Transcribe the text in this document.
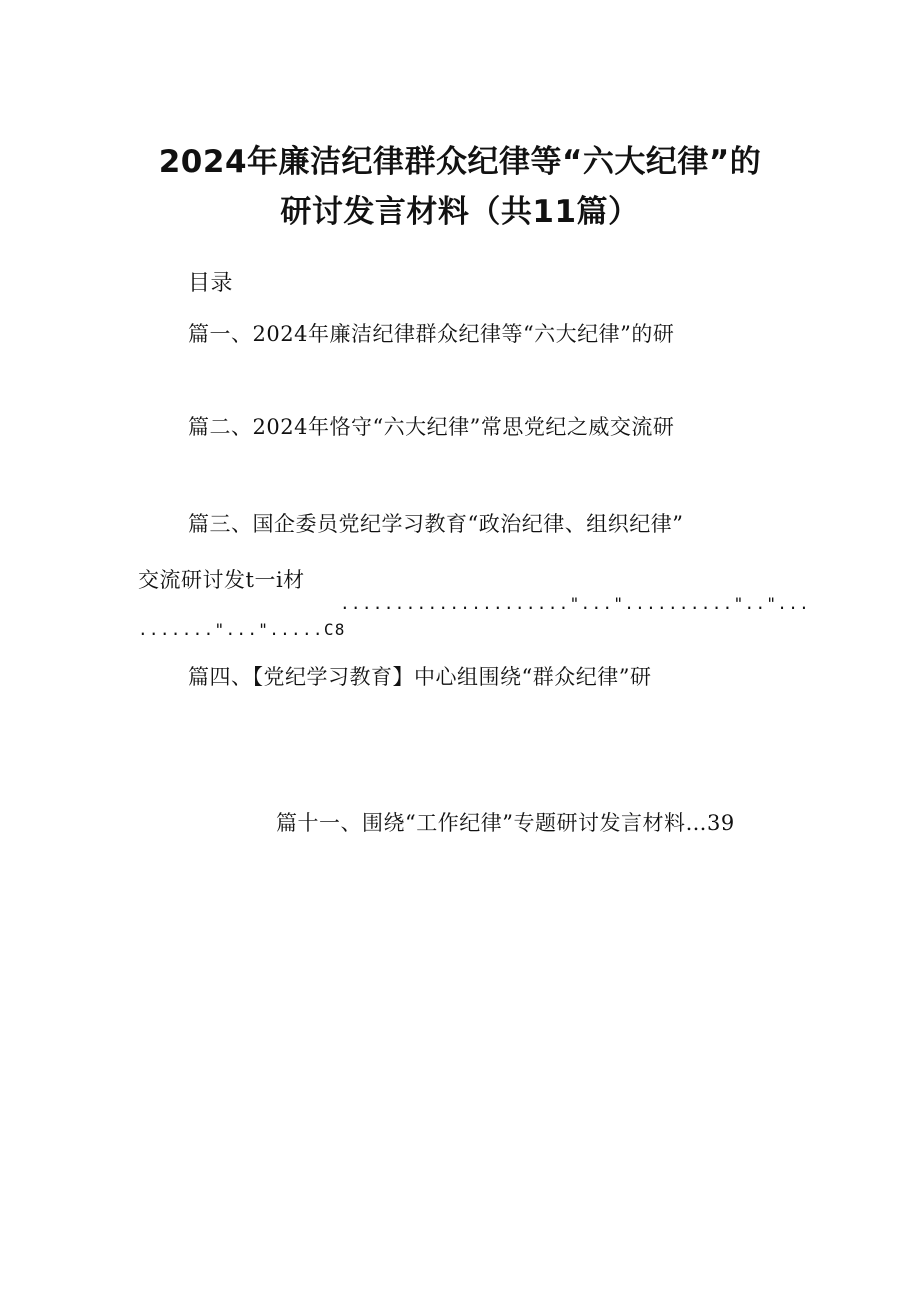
2024年廉洁纪律群众纪律等“六大纪律”的
研讨发言材料（共11篇）
目录
篇一、2024年廉洁纪律群众纪律等“六大纪律”的研
篇二、2024年恪守“六大纪律”常思党纪之威交流研
篇三、国企委员党纪学习教育“政治纪律、组织纪律”
交流研讨发t一i材
....................."..."..........".."...
......."...".....C8
篇四、【党纪学习教育】中心组围绕“群众纪律”研
篇十一、围绕“工作纪律”专题研讨发言材料…39
